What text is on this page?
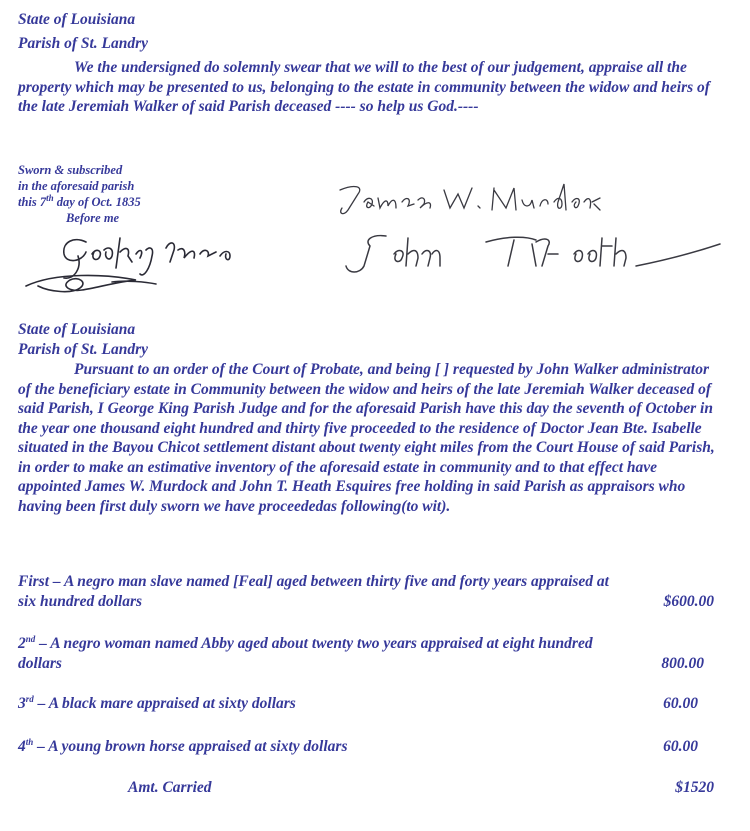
State of Louisiana
Parish of St. Landry
We the undersigned do solemnly swear that we will to the best of our judgement, appraise all the property which may be presented to us, belonging to the estate in community between the widow and heirs of the late Jeremiah Walker of said Parish deceased ---- so help us God.----
Sworn & subscribed
in the aforesaid parish
this 7th day of Oct. 1835
Before me
State of Louisiana
Parish of St. Landry
Pursuant to an order of the Court of Probate, and being [ ] requested by John Walker administrator of the beneficiary estate in Community between the widow and heirs of the late Jeremiah Walker deceased of said Parish, I George King Parish Judge and for the aforesaid Parish have this day the seventh of October in the year one thousand eight hundred and thirty five proceeded to the residence of Doctor Jean Bte. Isabelle situated in the Bayou Chicot settlement distant about twenty eight miles from the Court House of said Parish, in order to make an estimative inventory of the aforesaid estate in community and to that effect have appointed James W. Murdock and John T. Heath Esquires free holding in said Parish as appraisors who having been first duly sworn we have proceededas following(to wit).
First – A negro man slave named [Feal] aged between thirty five and forty years appraised at
six hundred dollars	$600.00
2nd – A negro woman named Abby aged about twenty two years appraised at eight hundred
dollars	800.00
3rd – A black mare appraised at sixty dollars	60.00
4th – A young brown horse appraised at sixty dollars	60.00
Amt. Carried	$1520
